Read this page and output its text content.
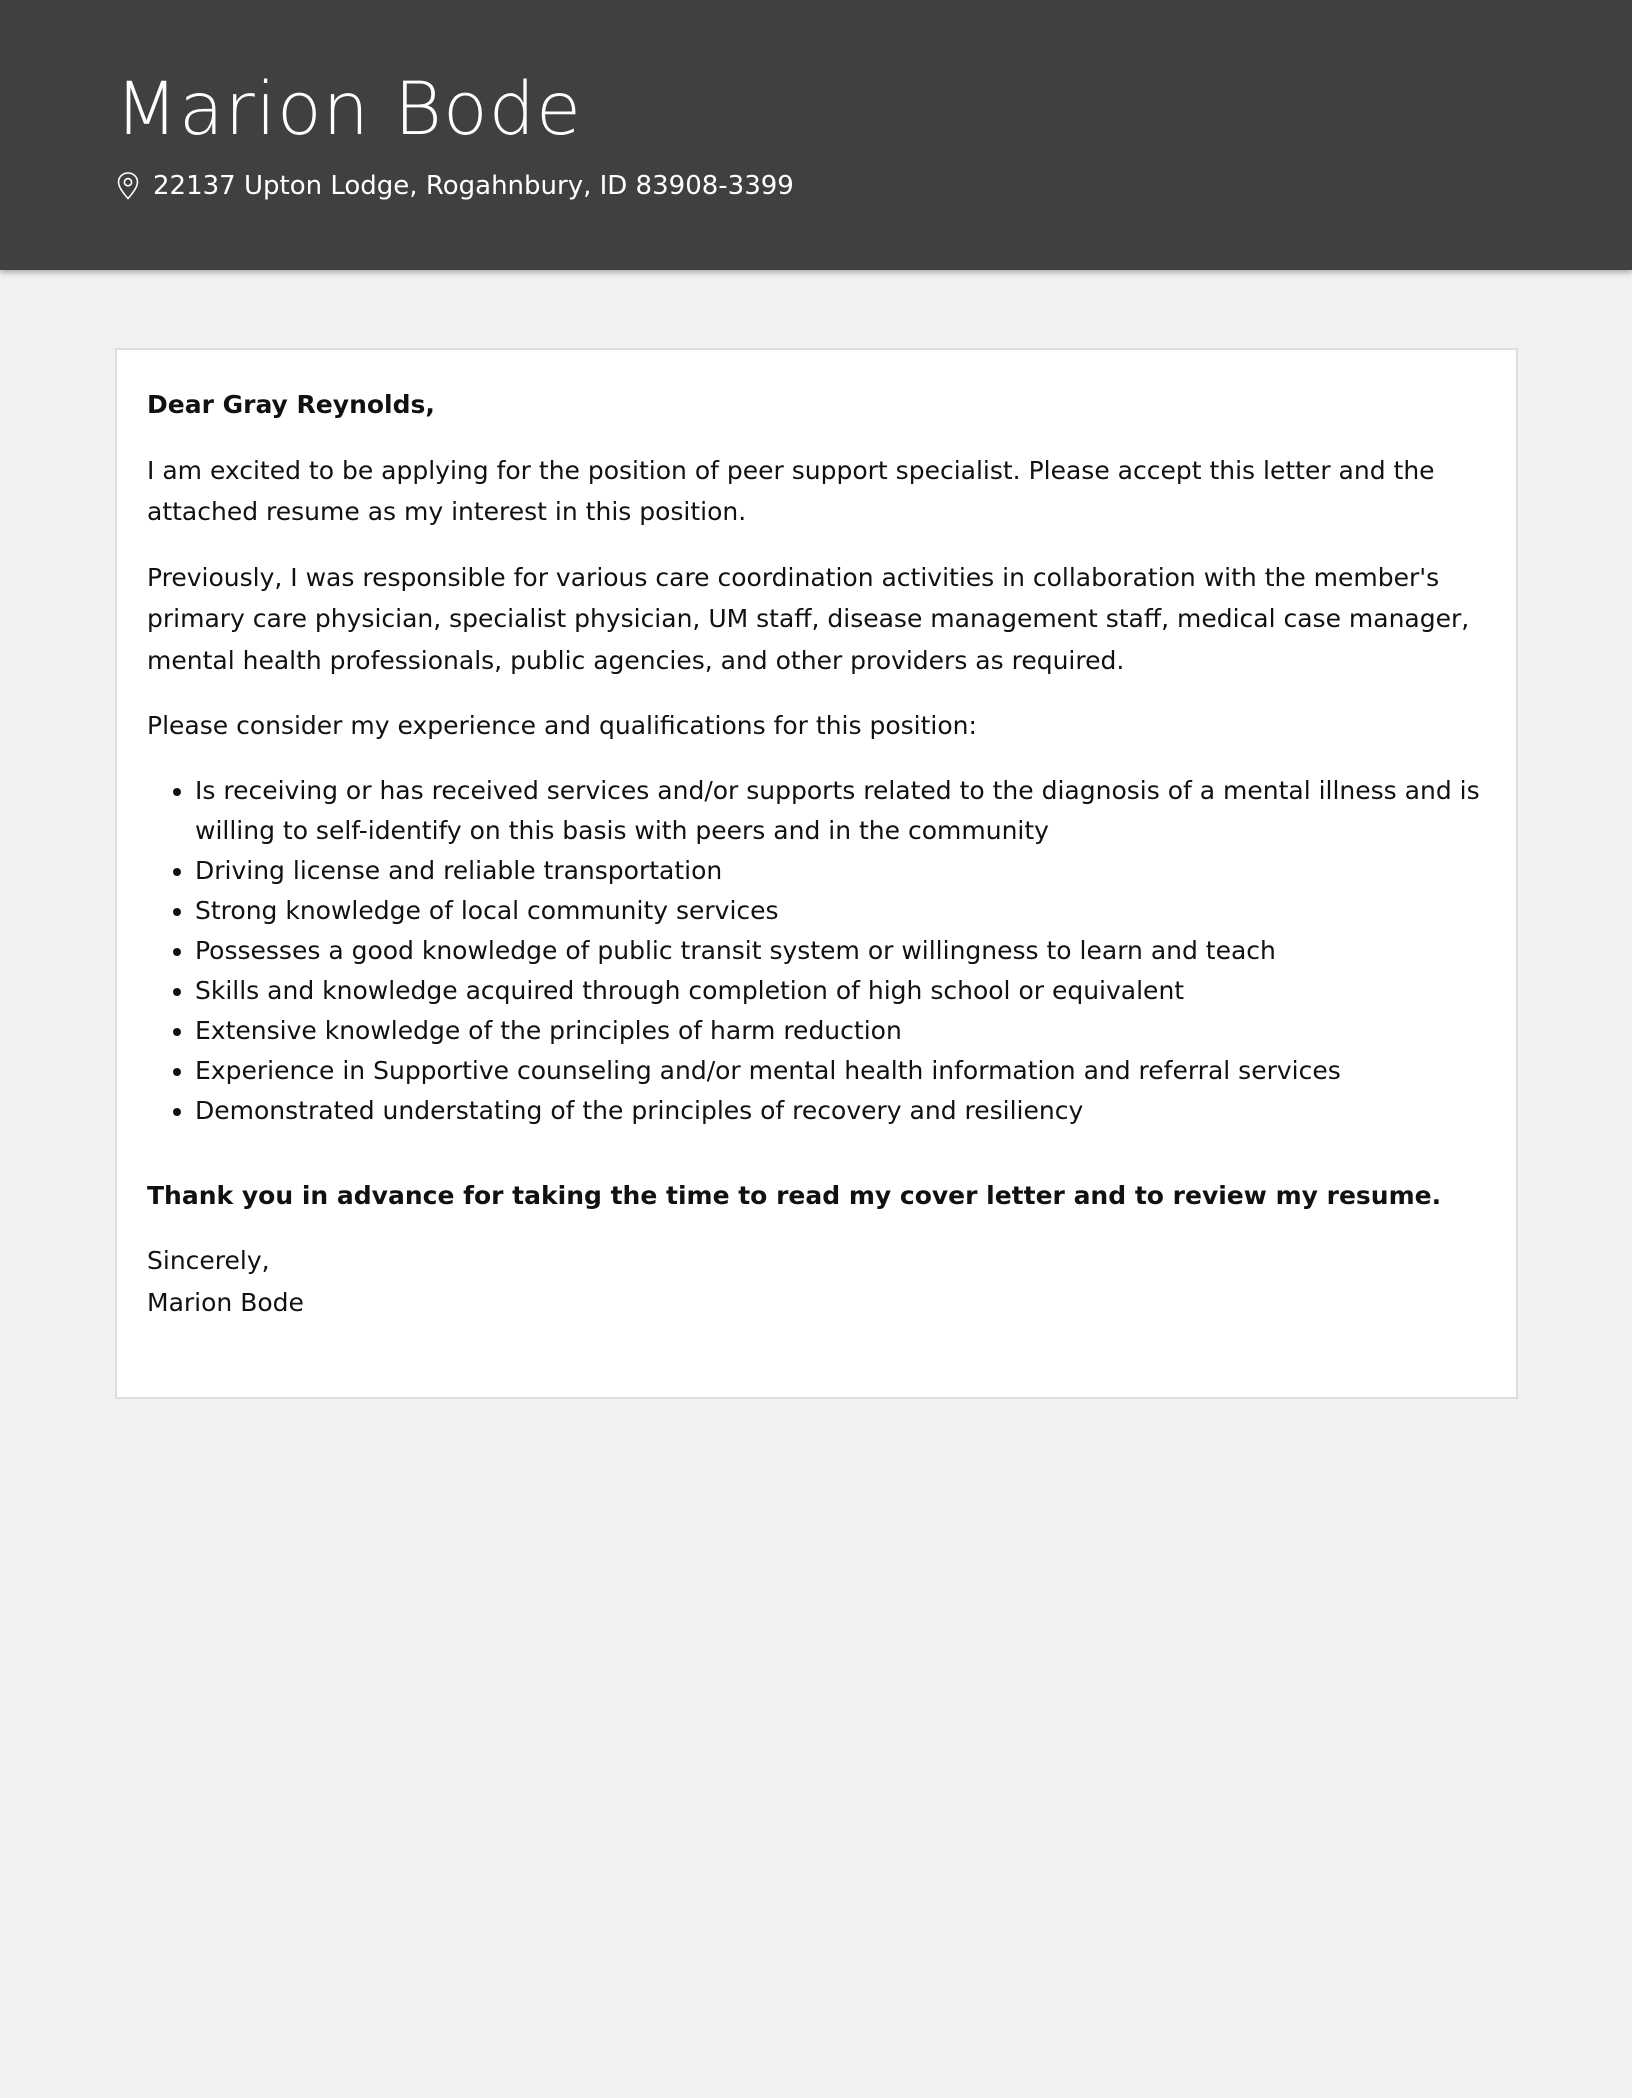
Marion Bode
22137 Upton Lodge, Rogahnbury, ID 83908-3399

Dear Gray Reynolds,

I am excited to be applying for the position of peer support specialist. Please accept this letter and the attached resume as my interest in this position.

Previously, I was responsible for various care coordination activities in collaboration with the member's primary care physician, specialist physician, UM staff, disease management staff, medical case manager, mental health professionals, public agencies, and other providers as required.

Please consider my experience and qualifications for this position:

• Is receiving or has received services and/or supports related to the diagnosis of a mental illness and is willing to self-identify on this basis with peers and in the community
• Driving license and reliable transportation
• Strong knowledge of local community services
• Possesses a good knowledge of public transit system or willingness to learn and teach
• Skills and knowledge acquired through completion of high school or equivalent
• Extensive knowledge of the principles of harm reduction
• Experience in Supportive counseling and/or mental health information and referral services
• Demonstrated understating of the principles of recovery and resiliency

Thank you in advance for taking the time to read my cover letter and to review my resume.

Sincerely,
Marion Bode
